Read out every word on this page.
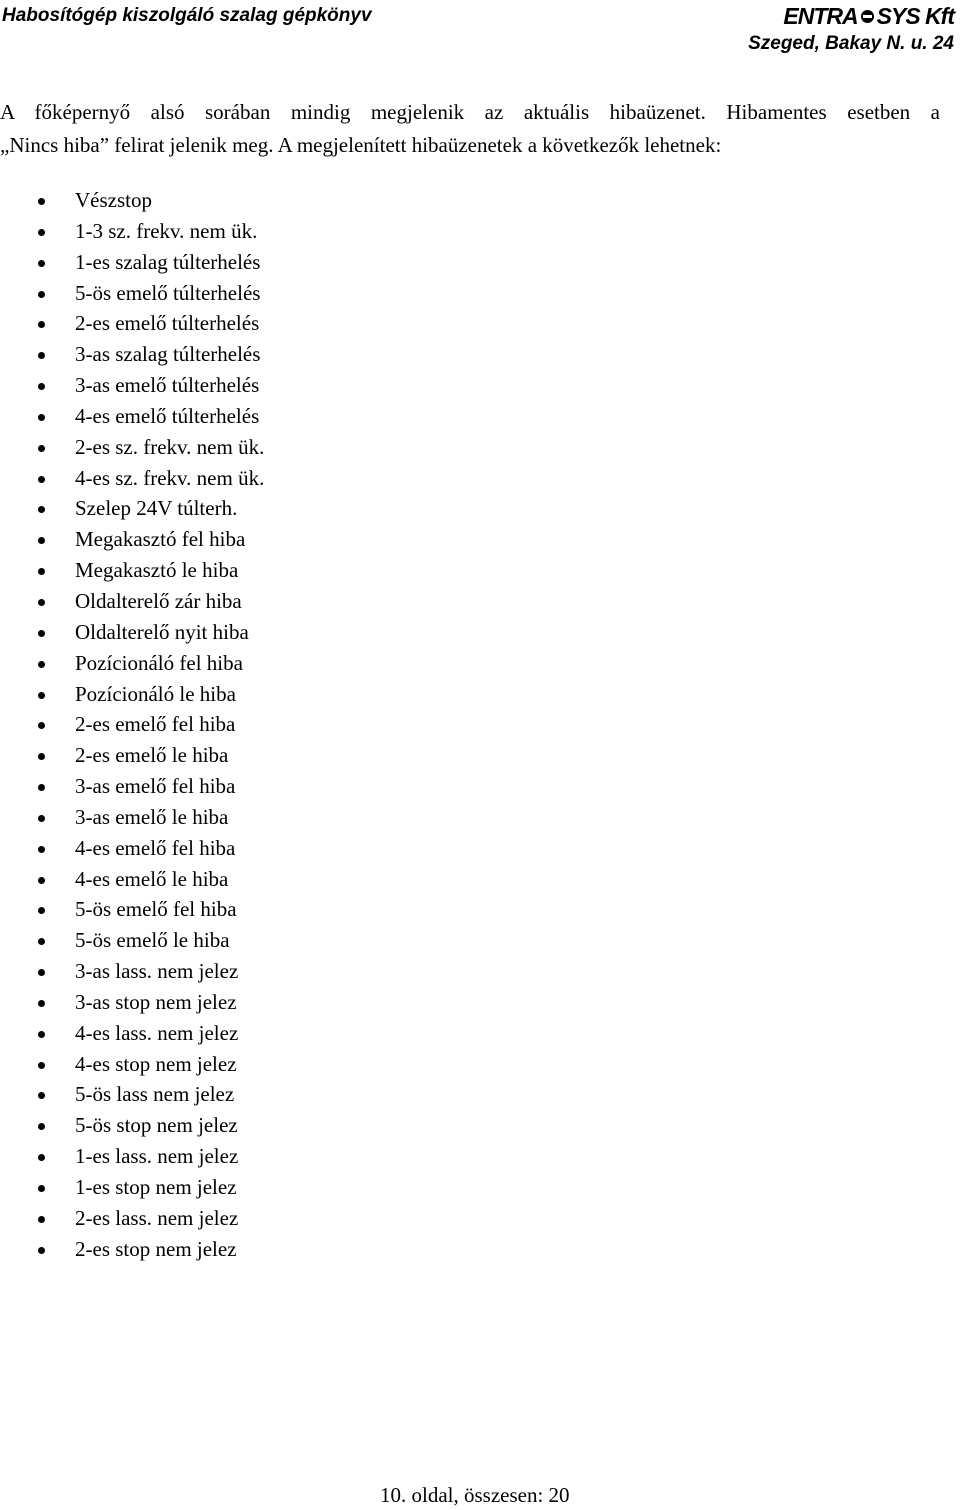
Habosítógép kiszolgáló szalag gépkönyv	ENTRA SYS Kft
Szeged, Bakay N. u. 24

A főképernyő alsó sorában mindig megjelenik az aktuális hibaüzenet. Hibamentes esetben a
„Nincs hiba” felirat jelenik meg. A megjelenített hibaüzenetek a következők lehetnek:

Vészstop
1-3 sz. frekv. nem ük.
1-es szalag túlterhelés
5-ös emelő túlterhelés
2-es emelő túlterhelés
3-as szalag túlterhelés
3-as emelő túlterhelés
4-es emelő túlterhelés
2-es sz. frekv. nem ük.
4-es sz. frekv. nem ük.
Szelep 24V túlterh.
Megakasztó fel hiba
Megakasztó le hiba
Oldalterelő zár hiba
Oldalterelő nyit hiba
Pozícionáló fel hiba
Pozícionáló le hiba
2-es emelő fel hiba
2-es emelő le hiba
3-as emelő fel hiba
3-as emelő le hiba
4-es emelő fel hiba
4-es emelő le hiba
5-ös emelő fel hiba
5-ös emelő le hiba
3-as lass. nem jelez
3-as stop nem jelez
4-es lass. nem jelez
4-es stop nem jelez
5-ös lass nem jelez
5-ös stop nem jelez
1-es lass. nem jelez
1-es stop nem jelez
2-es lass. nem jelez
2-es stop nem jelez
10. oldal, összesen: 20
